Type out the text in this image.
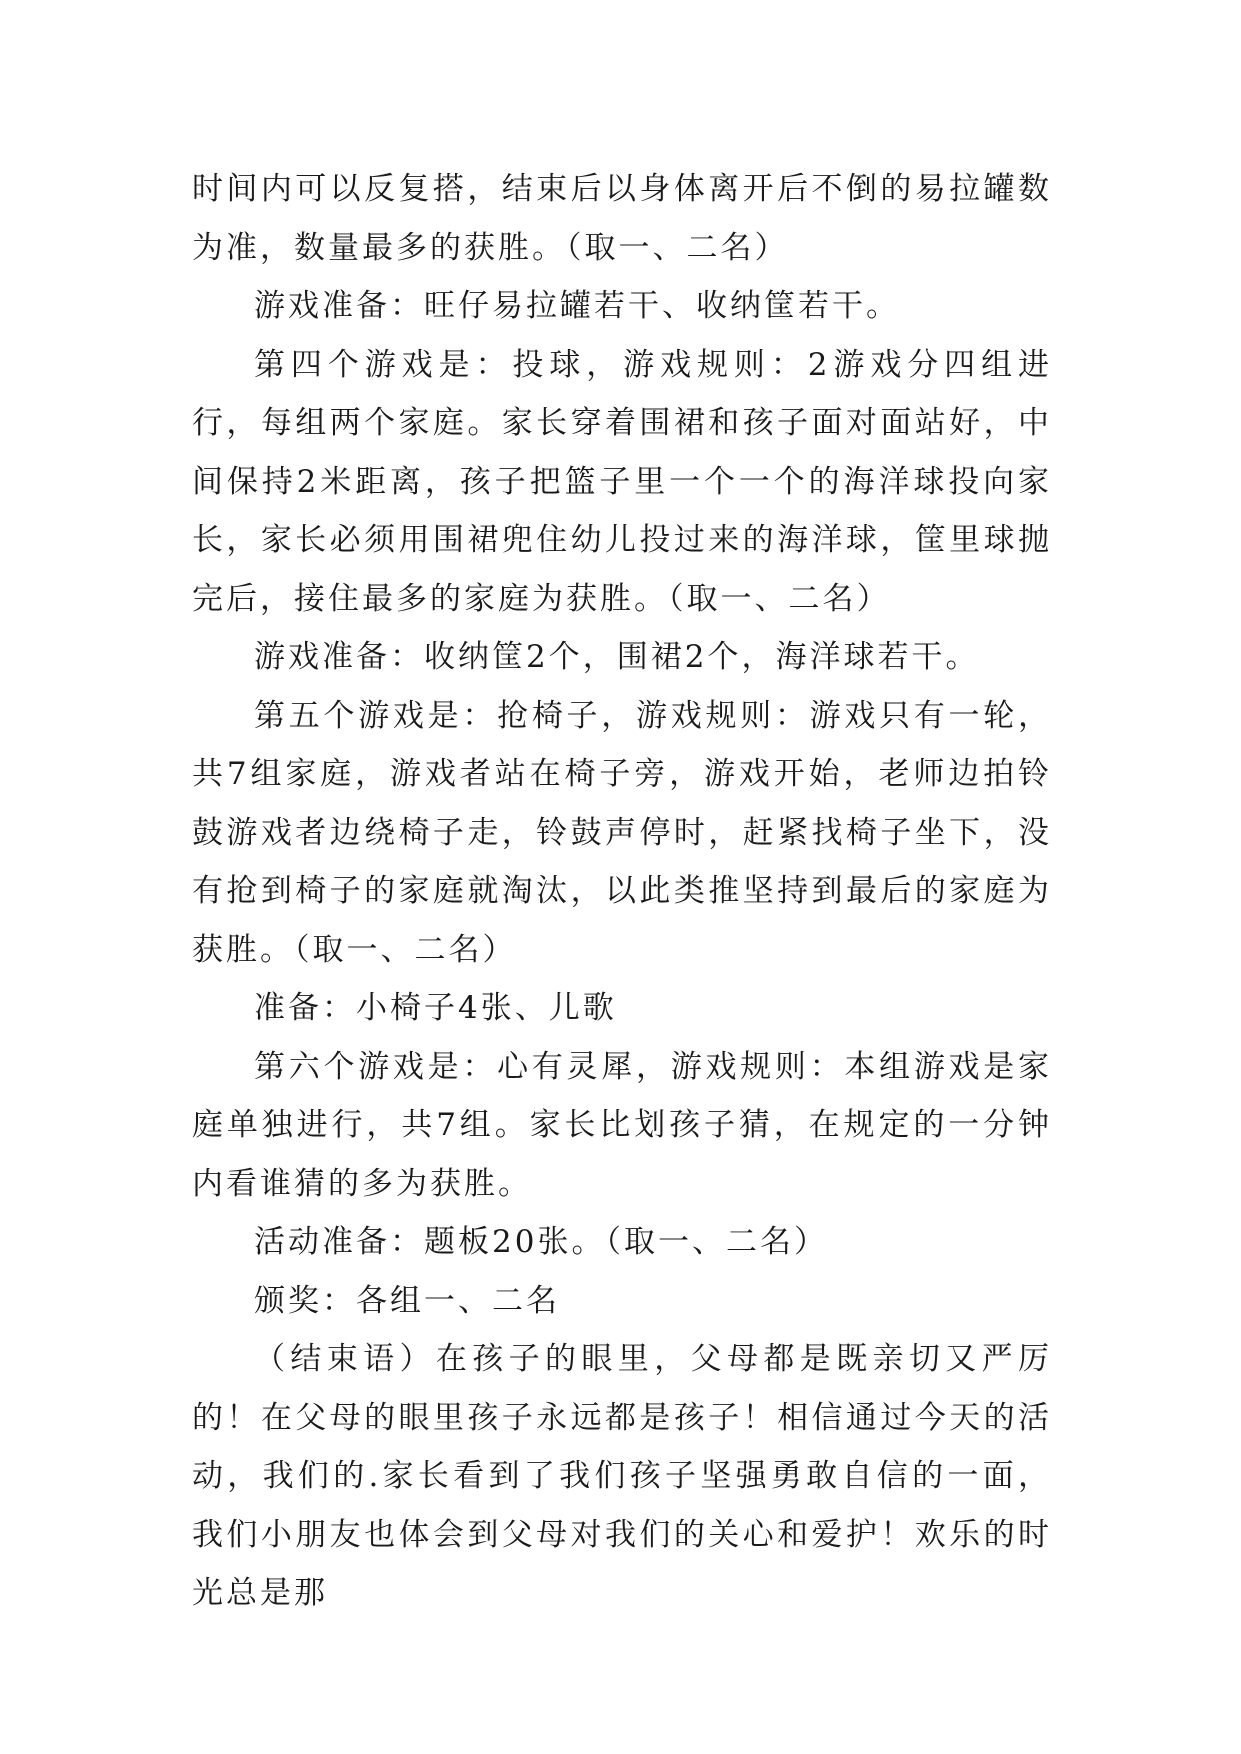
时间内可以反复搭，结束后以身体离开后不倒的易拉罐数为准，数量最多的获胜。（取一、二名）

游戏准备：旺仔易拉罐若干、收纳筐若干。

第四个游戏是：投球，游戏规则：2游戏分四组进行，每组两个家庭。家长穿着围裙和孩子面对面站好，中间保持2米距离，孩子把篮子里一个一个的海洋球投向家长，家长必须用围裙兜住幼儿投过来的海洋球，筐里球抛完后，接住最多的家庭为获胜。（取一、二名）

游戏准备：收纳筐2个，围裙2个，海洋球若干。

第五个游戏是：抢椅子，游戏规则：游戏只有一轮，共7组家庭，游戏者站在椅子旁，游戏开始，老师边拍铃鼓游戏者边绕椅子走，铃鼓声停时，赶紧找椅子坐下，没有抢到椅子的家庭就淘汰，以此类推坚持到最后的家庭为获胜。（取一、二名）

准备：小椅子4张、儿歌

第六个游戏是：心有灵犀，游戏规则：本组游戏是家庭单独进行，共7组。家长比划孩子猜，在规定的一分钟内看谁猜的多为获胜。

活动准备：题板20张。（取一、二名）

颁奖：各组一、二名

（结束语）在孩子的眼里，父母都是既亲切又严厉的！在父母的眼里孩子永远都是孩子！相信通过今天的活动，我们的.家长看到了我们孩子坚强勇敢自信的一面，我们小朋友也体会到父母对我们的关心和爱护！欢乐的时光总是那
